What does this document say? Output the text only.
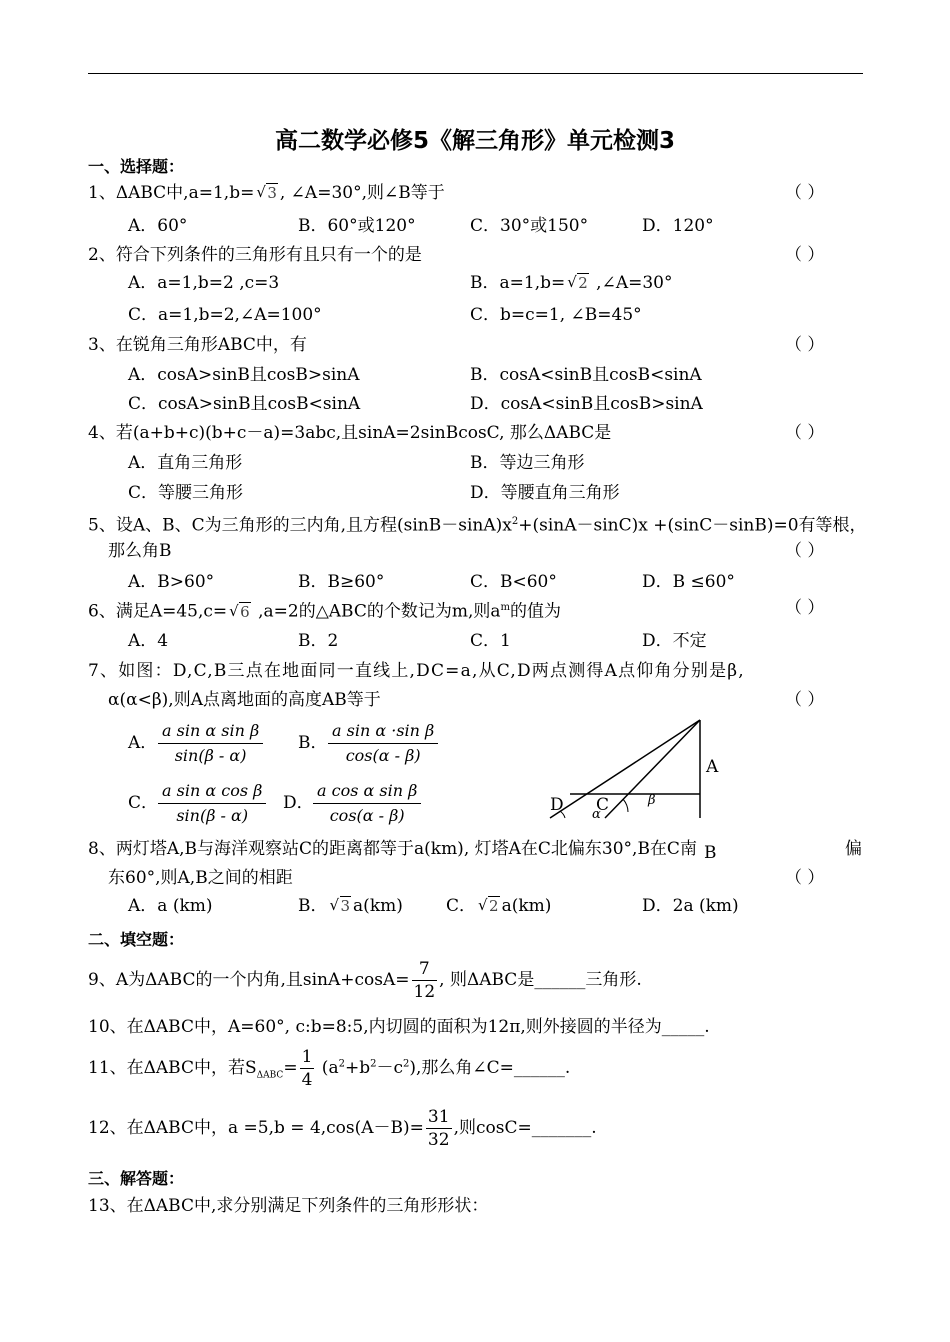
高二数学必修5《解三角形》单元检测3
一、选择题：
1、ΔABC中,a=1,b= √ 3 , ∠A=30°,则∠B等于	（ ）
A．60°	B．60°或120°	C．30°或150°	D．120°
2、符合下列条件的三角形有且只有一个的是	（ ）
A．a=1,b=2 ,c=3	B．a=1,b= √ 2 ,∠A=30°
C．a=1,b=2,∠A=100°	C．b=c=1, ∠B=45°
3、在锐角三角形ABC中，有	（ ）
A．cosA>sinB且cosB>sinA	B．cosA<sinB且cosB<sinA
C．cosA>sinB且cosB<sinA	D．cosA<sinB且cosB>sinA
4、若(a+b+c)(b+c－a)=3abc,且sinA=2sinBcosC, 那么ΔABC是	（ ）
A．直角三角形	B．等边三角形
C．等腰三角形	D．等腰直角三角形
5、设A、B、C为三角形的三内角,且方程$(\sin B-\sin A)x^2+(\sin A-\sin C)x +(\sin C-\sin B)=0$有等根，
那么角B	（ ）
A．B>60°	B．B≥60°	C．B<60°	D．B ≤60°
6、满足A=45,c= √ 6 ,a=2的△ABC的个数记为m,则$a^m$的值为	（ ）
A．4	B．2	C．1	D．不定
7、如图：D,C,B三点在地面同一直线上,DC=a,从C,D两点测得A点仰角分别是β,
α(α<β),则A点离地面的高度AB等于	（ ）
A．
a sin α sin β
sin(β - α)
B．
a sin α ·sin β
cos(α - β)
C．
a sin α cos β
sin(β - α)
D．
a cos α sin β
cos(α - β)
A
D C
α
β
B
8、两灯塔A,B与海洋观察站C的距离都等于a(km), 灯塔A在C北偏东30°,B在C南	偏
东60°,则A,B之间的相距	（ ）
A．a (km)	B． √ 3 a(km)	C． √ 2 a(km)	D．2a (km)
二、填空题：
9、A为ΔABC的一个内角,且$\sin A+\cos A= \frac{7}{12}$ , 则ΔABC是______三角形.
10、在ΔABC中，A=60°, c:b=8:5,内切圆的面积为12π,则外接圆的半径为_____.
11、在ΔABC中，若$S_{\Delta ABC}= \frac{1}{4} (a^2+b^2-c^2)$,那么角∠C=______.
12、在ΔABC中，$a =5,b = 4,\cos(A-B)= \frac{31}{32}$ ,则cosC=_______.
三、解答题：
13、在ΔABC中,求分别满足下列条件的三角形形状：
